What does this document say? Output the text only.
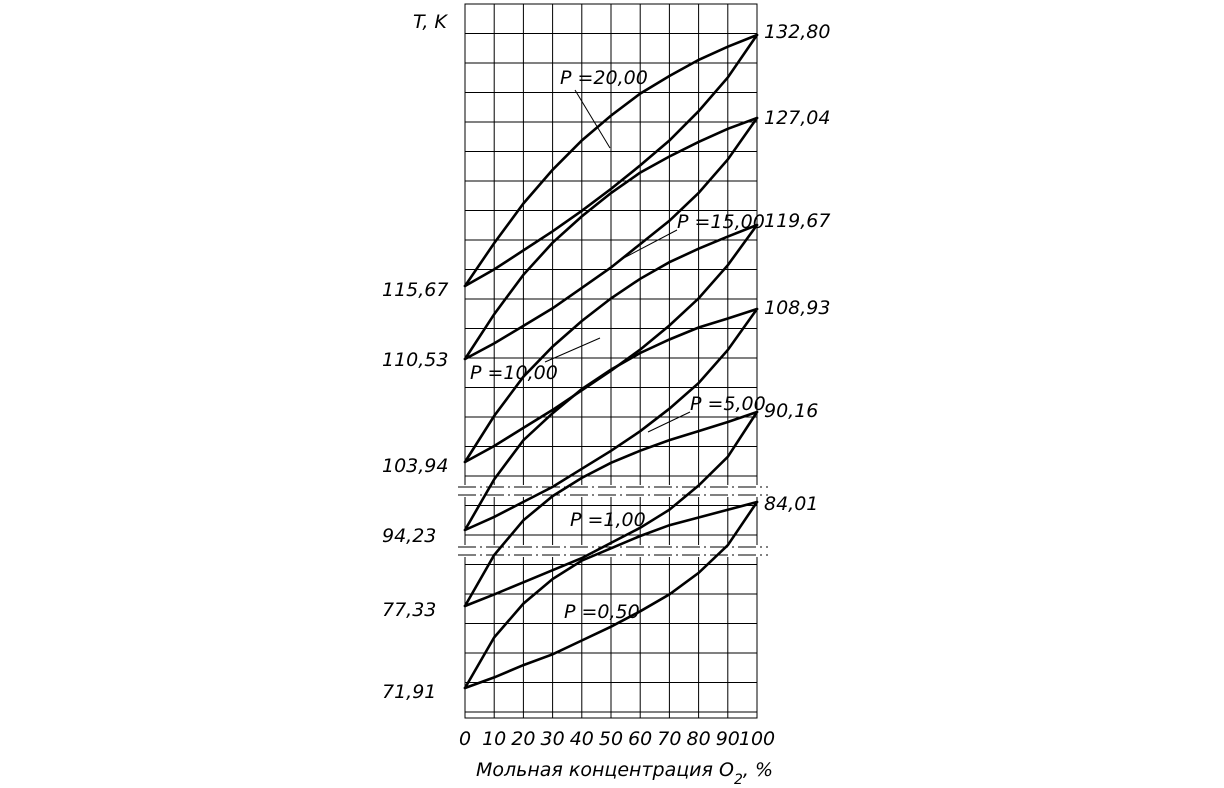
T, K
Мольная концентрация $O_2$, %
0 10 20 30 40 50 60 70 80 90
100
71,91
84,01
77,33
90,16
94,23
108,93
103,94
119,67
110,53
127,04
115,67
132,80
P =0,50
P =1,00
P =5,00
P =10,00
P =15,00
P =20,00
